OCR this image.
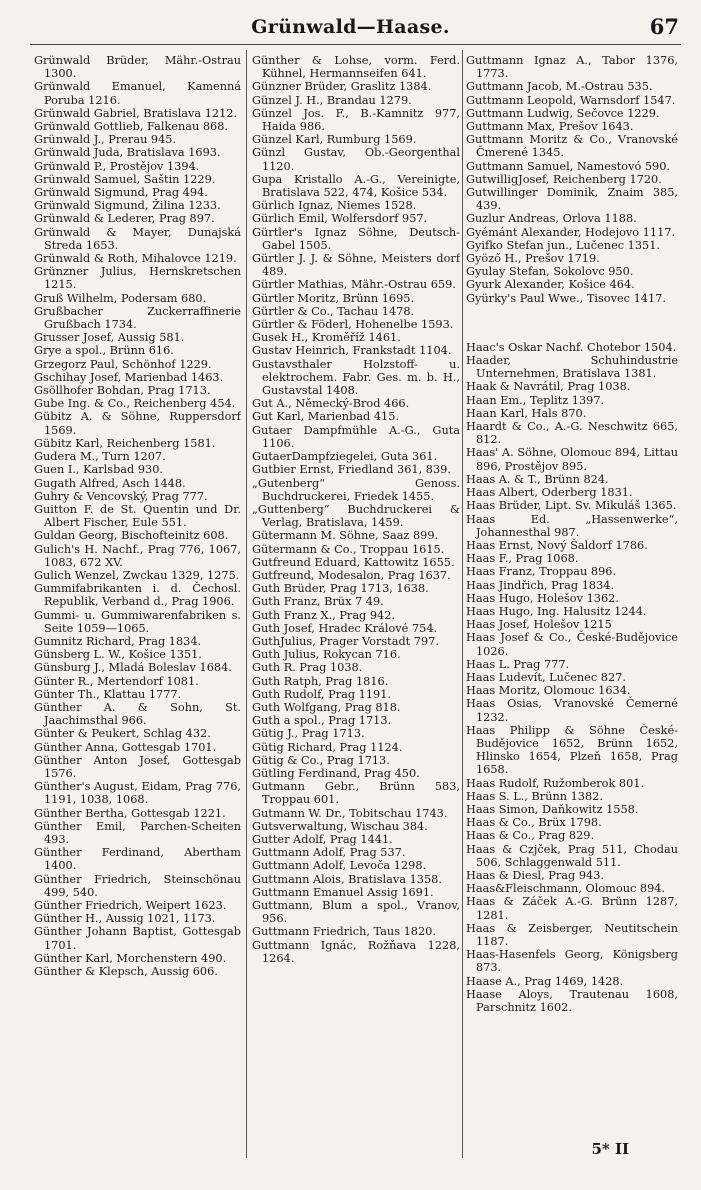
Grünwald—Haase.	67

Grünwald Brüder, Mähr.-Ostrau 1300.

Grünwald Emanuel, Kamenná Poruba 1216.

Grünwald Gabriel, Bratislava 1212.

Grünwald Gottlieb, Falkenau 868.

Grünwald J., Prerau 945.

Grünwald Juda, Bratislava 1693.

Grünwald P., Prostějov 1394.

Grünwald Samuel, Saštin 1229.

Grünwald Sigmund, Prag 494.

Grünwald Sigmund, Žilina 1233.

Grünwald & Lederer, Prag 897.

Grünwald & Mayer, Dunajská Streda 1653.

Grünwald & Roth, Mihalovce 1219.

Grünzner Julius, Hernskretschen 1215.

Gruß Wilhelm, Podersam 680.

Grußbacher Zuckerraffinerie Grußbach 1734.

Grusser Josef, Aussig 581.

Grye a spol., Brünn 616.

Grzegorz Paul, Schönhof 1229.

Gschihay Josef, Marienbad 1463.

Gsöllhofer Bohdan, Prag 1713.

Gube Ing. & Co., Reichenberg 454.

Gübitz A. & Söhne, Ruppersdorf 1569.

Gübitz Karl, Reichenberg 1581.

Gudera M., Turn 1207.

Guen I., Karlsbad 930.

Gugath Alfred, Asch 1448.

Guhry & Vencovský, Prag 777.

Guitton F. de St. Quentin und Dr. Albert Fischer, Eule 551.

Guldan Georg, Bischofteinitz 608.

Gulich's H. Nachf., Prag 776, 1067, 1083, 672 XV.

Gulich Wenzel, Zwckau 1329, 1275.

Gummifabrikanten i. d. Čechosl. Republik, Verband d., Prag 1906.

Gummi- u. Gummiwarenfabriken s. Seite 1059—1065.

Gumnitz Richard, Prag 1834.

Günsberg L. W., Košice 1351.

Günsburg J., Mladá Boleslav 1684.

Günter R., Mertendorf 1081.

Günter Th., Klattau 1777.

Günther A. & Sohn, St. Jaachimsthal 966.

Günter & Peukert, Schlag 432.

Günther Anna, Gottesgab 1701.

Günther Anton Josef, Gottesgab 1576.

Günther's August, Eidam, Prag 776, 1191, 1038, 1068.

Günther Bertha, Gottesgab 1221.

Günther Emil, Parchen-Scheiten 493.

Günther Ferdinand, Abertham 1400.

Günther Friedrich, Steinschönau 499, 540.

Günther Friedrich, Weipert 1623.

Günther H., Aussig 1021, 1173.

Günther Johann Baptist, Gottesgab 1701.

Günther Karl, Morchenstern 490.

Günther & Klepsch, Aussig 606.

Günther & Lohse, vorm. Ferd. Kühnel, Hermannseifen 641.

Günzner Brüder, Graslitz 1384.

Günzel J. H., Brandau 1279.

Günzel Jos. F., B.-Kamnitz 977, Haida 986.

Günzel Karl, Rumburg 1569.

Günzl Gustav, Ob.-Georgenthal 1120.

Gupa Kristallo A.-G., Vereinigte, Bratislava 522, 474, Košice 534.

Gürlich Ignaz, Niemes 1528.

Gürlich Emil, Wolfersdorf 957.

Gürtler's Ignaz Söhne, Deutsch-Gabel 1505.

Gürtler J. J. & Söhne, Meisters dorf 489.

Gürtler Mathias, Mähr.-Ostrau 659.

Gürtler Moritz, Brünn 1695.

Gürtler & Co., Tachau 1478.

Gürtler & Föderl, Hohenelbe 1593.

Gusek H., Kroměříž 1461.

Gustav Heinrich, Frankstadt 1104.

Gustavsthaler Holzstoff- u. elektrochem. Fabr. Ges. m. b. H., Gustavstal 1408.

Gut A., Německý-Brod 466.

Gut Karl, Marienbad 415.

Gutaer Dampfmühle A.-G., Guta 1106.

GutaerDampfziegelei, Guta 361.

Gutbier Ernst, Friedland 361, 839.

„Gutenberg“ Genoss. Buchdruckerei, Friedek 1455.

„Guttenberg“ Buchdruckerei & Verlag, Bratislava, 1459.

Gütermann M. Söhne, Saaz 899.

Gütermann & Co., Troppau 1615.

Gutfreund Eduard, Kattowitz 1655.

Gutfreund, Modesalon, Prag 1637.

Guth Brüder, Prag 1713, 1638.

Guth Franz, Brüx 7 49.

Guth Franz X., Prag 942.

Guth Josef, Hradec Králové 754.

GuthJulius, Prager Vorstadt 797.

Guth Julius, Rokycan 716.

Guth R. Prag 1038.

Guth Ratph, Prag 1816.

Guth Rudolf, Prag 1191.

Guth Wolfgang, Prag 818.

Guth a spol., Prag 1713.

Gütig J., Prag 1713.

Gütig Richard, Prag 1124.

Gütig & Co., Prag 1713.

Gütling Ferdinand, Prag 450.

Gutmann Gebr., Brünn 583, Troppau 601.

Gutmann W. Dr., Tobitschau 1743.

Gutsverwaltung, Wischau 384.

Gutter Adolf, Prag 1441.

Guttmann Adolf, Prag 537.

Guttmann Adolf, Levoča 1298.

Guttmann Alois, Bratislava 1358.

Guttmann Emanuel Assig 1691.

Guttmann, Blum a spol., Vranov, 956.

Guttmann Friedrich, Taus 1820.

Guttmann Ignác, Rožňava 1228, 1264.

Guttmann Ignaz A., Tabor 1376, 1773.

Guttmann Jacob, M.-Ostrau 535.

Guttmann Leopold, Warnsdorf 1547.

Guttmann Ludwig, Sečovce 1229.

Guttmann Max, Prešov 1643.

Guttmann Moritz & Co., Vranovské Čmerené 1345.

Guttmann Samuel, Namestovó 590.

GutwilligJosef, Reichenberg 1720.

Gutwillinger Dominik, Znaim 385, 439.

Guzlur Andreas, Orlova 1188.

Gyémánt Alexander, Hodejovo 1117.

Gyifko Stefan jun., Lučenec 1351.

Gyöző H., Prešov 1719.

Gyulay Stefan, Sokolovc 950.

Gyurk Alexander, Košice 464.

Gyürky's Paul Wwe., Tisovec 1417.

Haac's Oskar Nachf. Chotebor 1504.

Haader, Schuhindustrie Unternehmen, Bratislava 1381.

Haak & Navrátil, Prag 1038.

Haan Em., Teplitz 1397.

Haan Karl, Hals 870.

Haardt & Co., A.-G. Neschwitz 665, 812.

Haas' A. Söhne, Olomouc 894, Littau 896, Prostějov 895.

Haas A. & T., Brünn 824.

Haas Albert, Oderberg 1831.

Haas Brüder, Lipt. Sv. Mikuláš 1365.

Haas Ed. „Hassenwerke“, Johannesthal 987.

Haas Ernst, Nový Šaldorf 1786.

Haas F., Prag 1068.

Haas Franz, Troppau 896.

Haas Jindřich, Prag 1834.

Haas Hugo, Holešov 1362.

Haas Hugo, Ing. Halusitz 1244.

Haas Josef, Holešov 1215

Haas Josef & Co., České-Budějovice 1026.

Haas L. Prag 777.

Haas Ludevít, Lučenec 827.

Haas Moritz, Olomouc 1634.

Haas Osias, Vranovské Čemerné 1232.

Haas Philipp & Söhne České-Budějovice 1652, Brünn 1652, Hlinsko 1654, Plzeň 1658, Prag 1658.

Haas Rudolf, Ružomberok 801.

Haas S. L., Brünn 1382.

Haas Simon, Daňkowitz 1558.

Haas & Co., Brüx 1798.

Haas & Co., Prag 829.

Haas & Czjček, Prag 511, Chodau 506, Schlaggenwald 511.

Haas & Diesl, Prag 943.

Haas&Fleischmann, Olomouc 894.

Haas & Záček A.-G. Brünn 1287, 1281.

Haas & Zeisberger, Neutitschein 1187.

Haas-Hasenfels Georg, Königsberg 873.

Haase A., Prag 1469, 1428.

Haase Aloys, Trautenau 1608, Parschnitz 1602.

5* II
